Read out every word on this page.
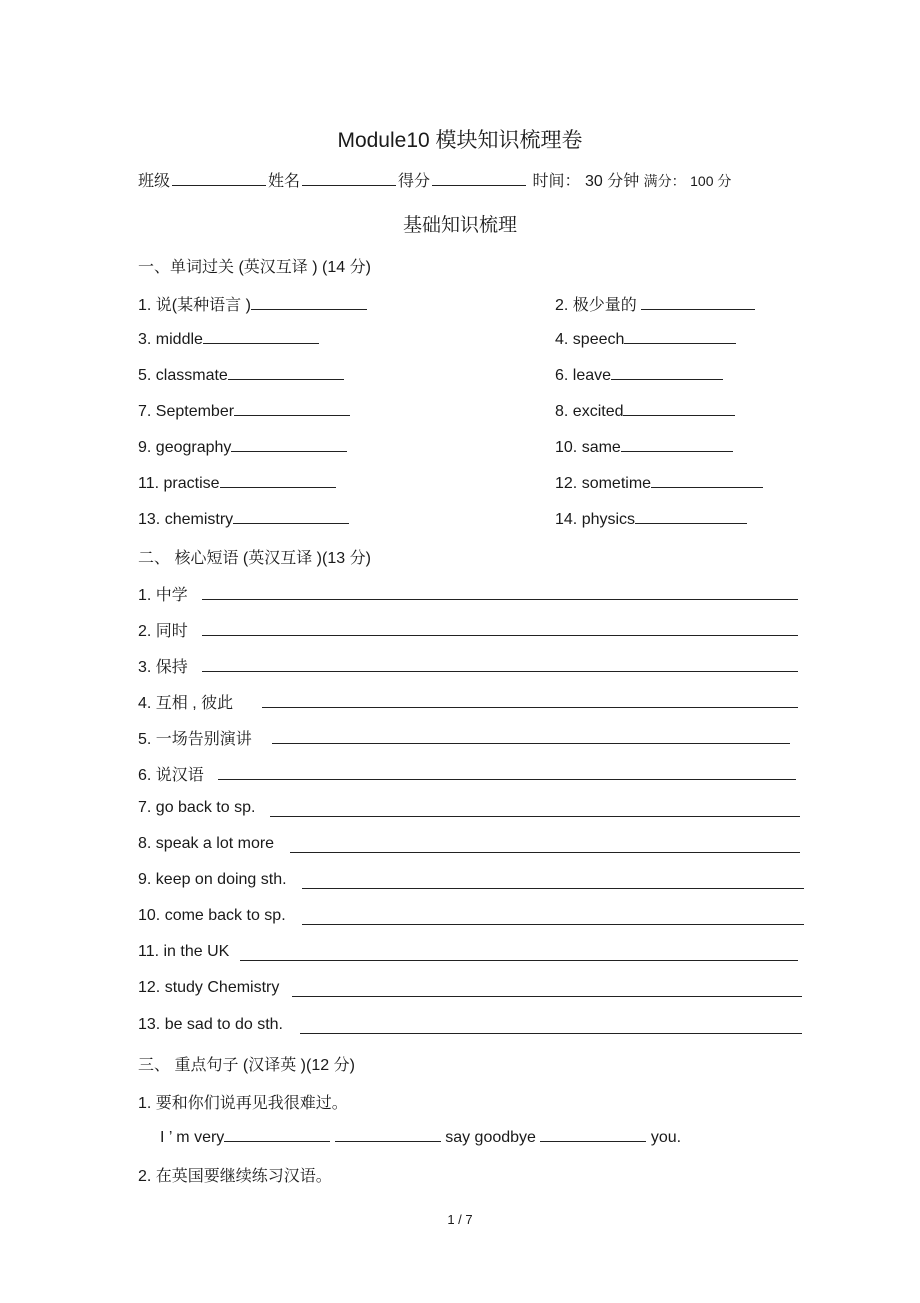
Module10 模块知识梳理卷
班级	姓名	得分	时间： 30 分钟 满分： 100 分
基础知识梳理
一、单词过关 (英汉互译 ) (14 分)
1. 说(某种语言 )	2. 极少量的
3. middle	4. speech
5. classmate	6. leave
7. September	8. excited
9. geography	10. same
11. practise	12. sometime
13. chemistry	14. physics
二、 核心短语 (英汉互译 )(13 分)
1. 中学
2. 同时
3. 保持
4. 互相 , 彼此
5. 一场告别演讲
6. 说汉语
7. go back to sp.
8. speak a lot more
9. keep on doing sth.
10. come back to sp.
11. in the UK
12. study Chemistry
13. be sad to do sth.
三、 重点句子 (汉译英 )(12 分)
1. 要和你们说再见我很难过。
I ’ m very	say goodbye	you.
2. 在英国要继续练习汉语。
1 / 7
